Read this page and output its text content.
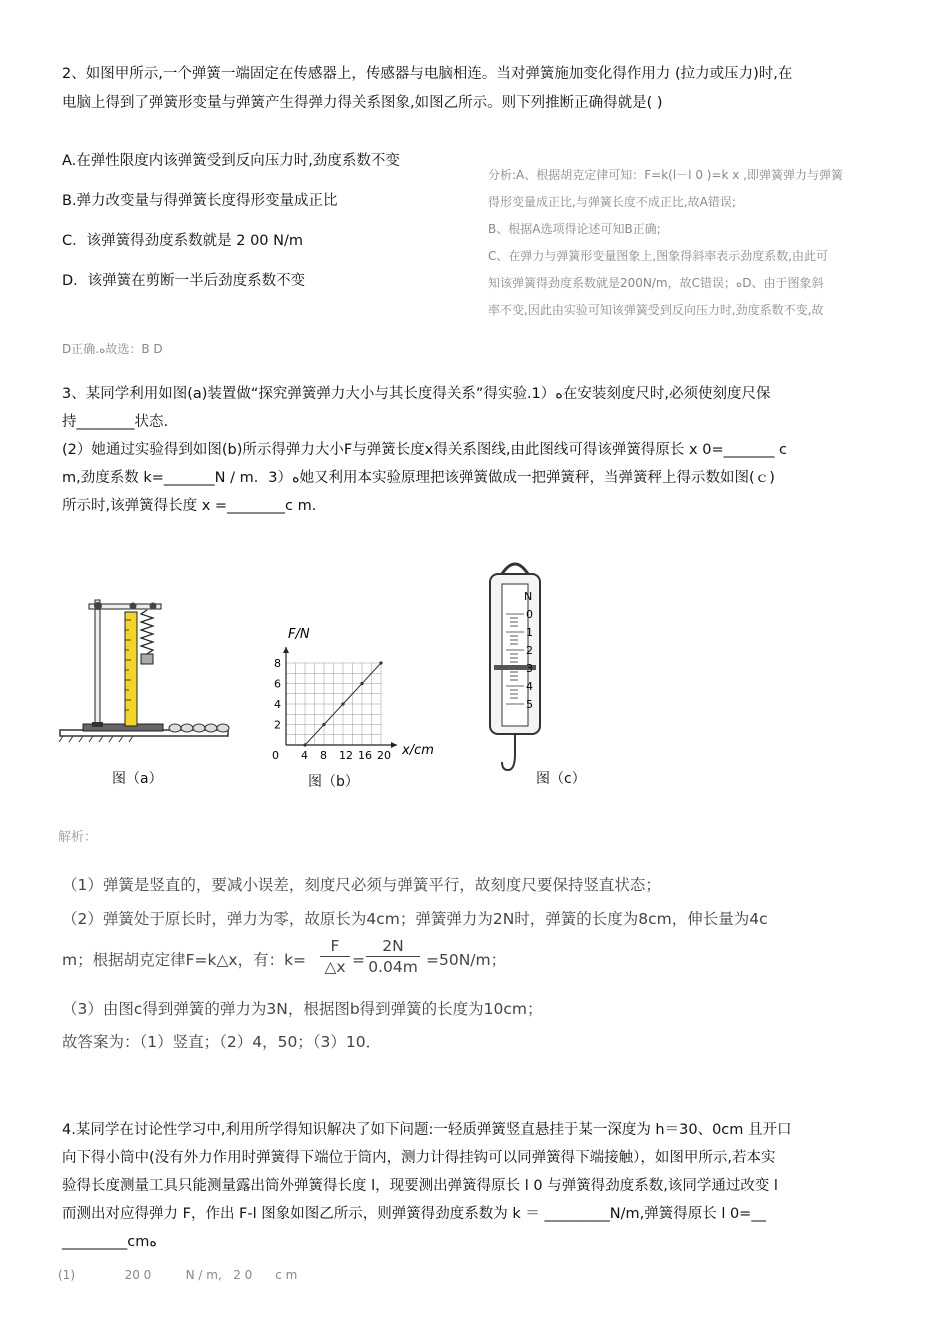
2、如图甲所示,一个弹簧一端固定在传感器上，传感器与电脑相连。当对弹簧施加变化得作用力 (拉力或压力)时,在
电脑上得到了弹簧形变量与弹簧产生得弹力得关系图象,如图乙所示。则下列推断正确得就是( )
A.在弹性限度内该弹簧受到反向压力时,劲度系数不变
B.弹力改变量与得弹簧长度得形变量成正比
C．该弹簧得劲度系数就是 2 00 N/m
D．该弹簧在剪断一半后劲度系数不变
分析:A、根据胡克定律可知：F=k(l－l 0 )=k x ,即弹簧弹力与弹簧
得形变量成正比,与弹簧长度不成正比,故A错误;
B、根据A选项得论述可知B正确;
C、在弹力与弹簧形变量图象上,图象得斜率表示劲度系数,由此可
知该弹簧得劲度系数就是200N/m，故C错误；ﻩD、由于图象斜
率不变,因此由实验可知该弹簧受到反向压力时,劲度系数不变,故
D正确.ﻩ故选：B D
3、某同学利用如图(a)装置做“探究弹簧弹力大小与其长度得关系”得实验.1）ﻩ在安装刻度尺时,必须使刻度尺保
持________状态.
(2）她通过实验得到如图(b)所示得弹力大小F与弹簧长度x得关系图线,由此图线可得该弹簧得原长 x 0=_______ c
m,劲度系数 k=_______N / m．3）ﻩ她又利用本实验原理把该弹簧做成一把弹簧秤，当弹簧秤上得示数如图(ｃ)
所示时,该弹簧得长度 x =________c m.
图（a）
0 4 8 12 16 20
2
4
6
8
F/N
x/cm
图（b）
N
0
1
2
3
4
5
图（c）
解析：
（1）弹簧是竖直的，要减小误差，刻度尺必须与弹簧平行，故刻度尺要保持竖直状态；
（2）弹簧处于原长时，弹力为零，故原长为4cm；弹簧弹力为2N时，弹簧的长度为8cm，伸长量为4c
m；根据胡克定律F=k△x，有：$k= \frac{F}{\triangle x} = \frac{2N}{0.04m} =50N/m$；
（3）由图c得到弹簧的弹力为3N，根据图b得到弹簧的长度为10cm；
故答案为：（1）竖直；（2）4，50；（3）10．
4.某同学在讨论性学习中,利用所学得知识解决了如下问题:一轻质弹簧竖直悬挂于某一深度为 h＝30、0cm 且开口
向下得小筒中(没有外力作用时弹簧得下端位于筒内，测力计得挂钩可以同弹簧得下端接触），如图甲所示,若本实
验得长度测量工具只能测量露出筒外弹簧得长度 l，现要测出弹簧得原长 l 0 与弹簧得劲度系数,该同学通过改变 l
而测出对应得弹力 F，作出 F-l 图象如图乙所示，则弹簧得劲度系数为 k ＝ _________N/m,弹簧得原长 l 0=__
_________cmﻩ
(1)             20 0         N / m,   2 0      c m
